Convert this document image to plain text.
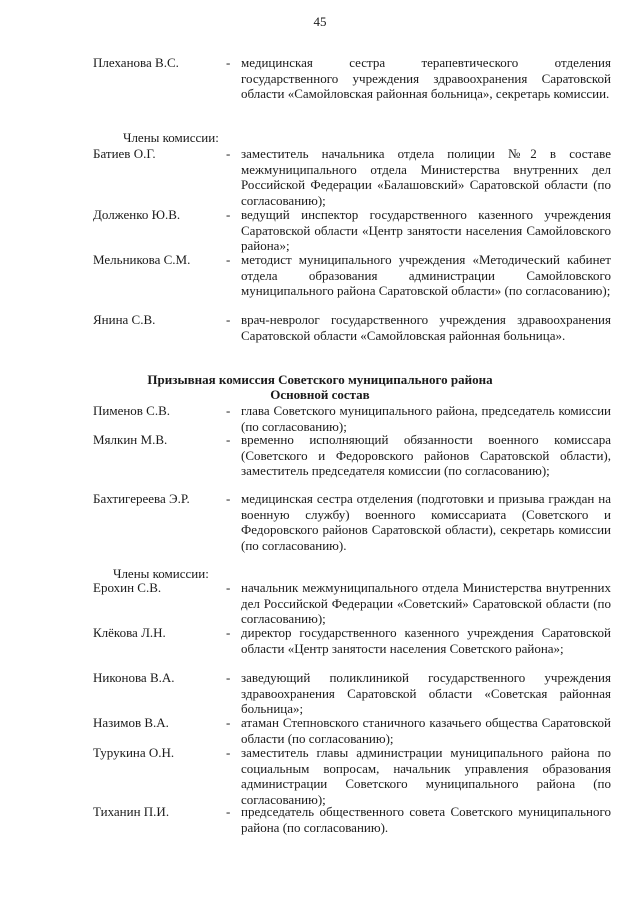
45
Плеханова В.С.	- медицинская сестра терапевтического отделения государственного учреждения здравоохранения Саратовской области «Самойловская районная больница», секретарь комиссии.
Члены комиссии:
Батиев О.Г.	- заместитель начальника отдела полиции №2 в составе межмуниципального отдела Министерства внутренних дел Российской Федерации «Балашовский» Саратовской области (по согласованию);
Долженко Ю.В.	- ведущий инспектор государственного казенного учреждения Саратовской области «Центр занятости населения Самойловского района»;
Мельникова С.М.	- методист муниципального учреждения «Методический кабинет отдела образования администрации Самойловского муниципального района Саратовской области» (по согласованию);
Янина С.В.	- врач-невролог государственного учреждения здравоохранения Саратовской области «Самойловская районная больница».
Призывная комиссия Советского муниципального района
Основной состав
Пименов С.В.	- глава Советского муниципального района, председатель комиссии (по согласованию);
Мялкин М.В.	- временно исполняющий обязанности военного комиссара (Советского и Федоровского районов Саратовской области), заместитель председателя комиссии (по согласованию);
Бахтигереева Э.Р.	- медицинская сестра отделения (подготовки и призыва граждан на военную службу) военного комиссариата (Советского и Федоровского районов Саратовской области), секретарь комиссии (по согласованию).
Члены комиссии:
Ерохин С.В.	- начальник межмуниципального отдела Министерства внутренних дел Российской Федерации «Советский» Саратовской области (по согласованию);
Клёкова Л.Н.	- директор государственного казенного учреждения Саратовской области «Центр занятости населения Советского района»;
Никонова В.А.	- заведующий поликлиникой государственного учреждения здравоохранения Саратовской области «Советская районная больница»;
Назимов В.А.	- атаман Степновского станичного казачьего общества Саратовской области (по согласованию);
Турукина О.Н.	- заместитель главы администрации муниципального района по социальным вопросам, начальник управления образования администрации Советского муниципального района (по согласованию);
Тиханин П.И.	- председатель общественного совета Советского муниципального района (по согласованию).
